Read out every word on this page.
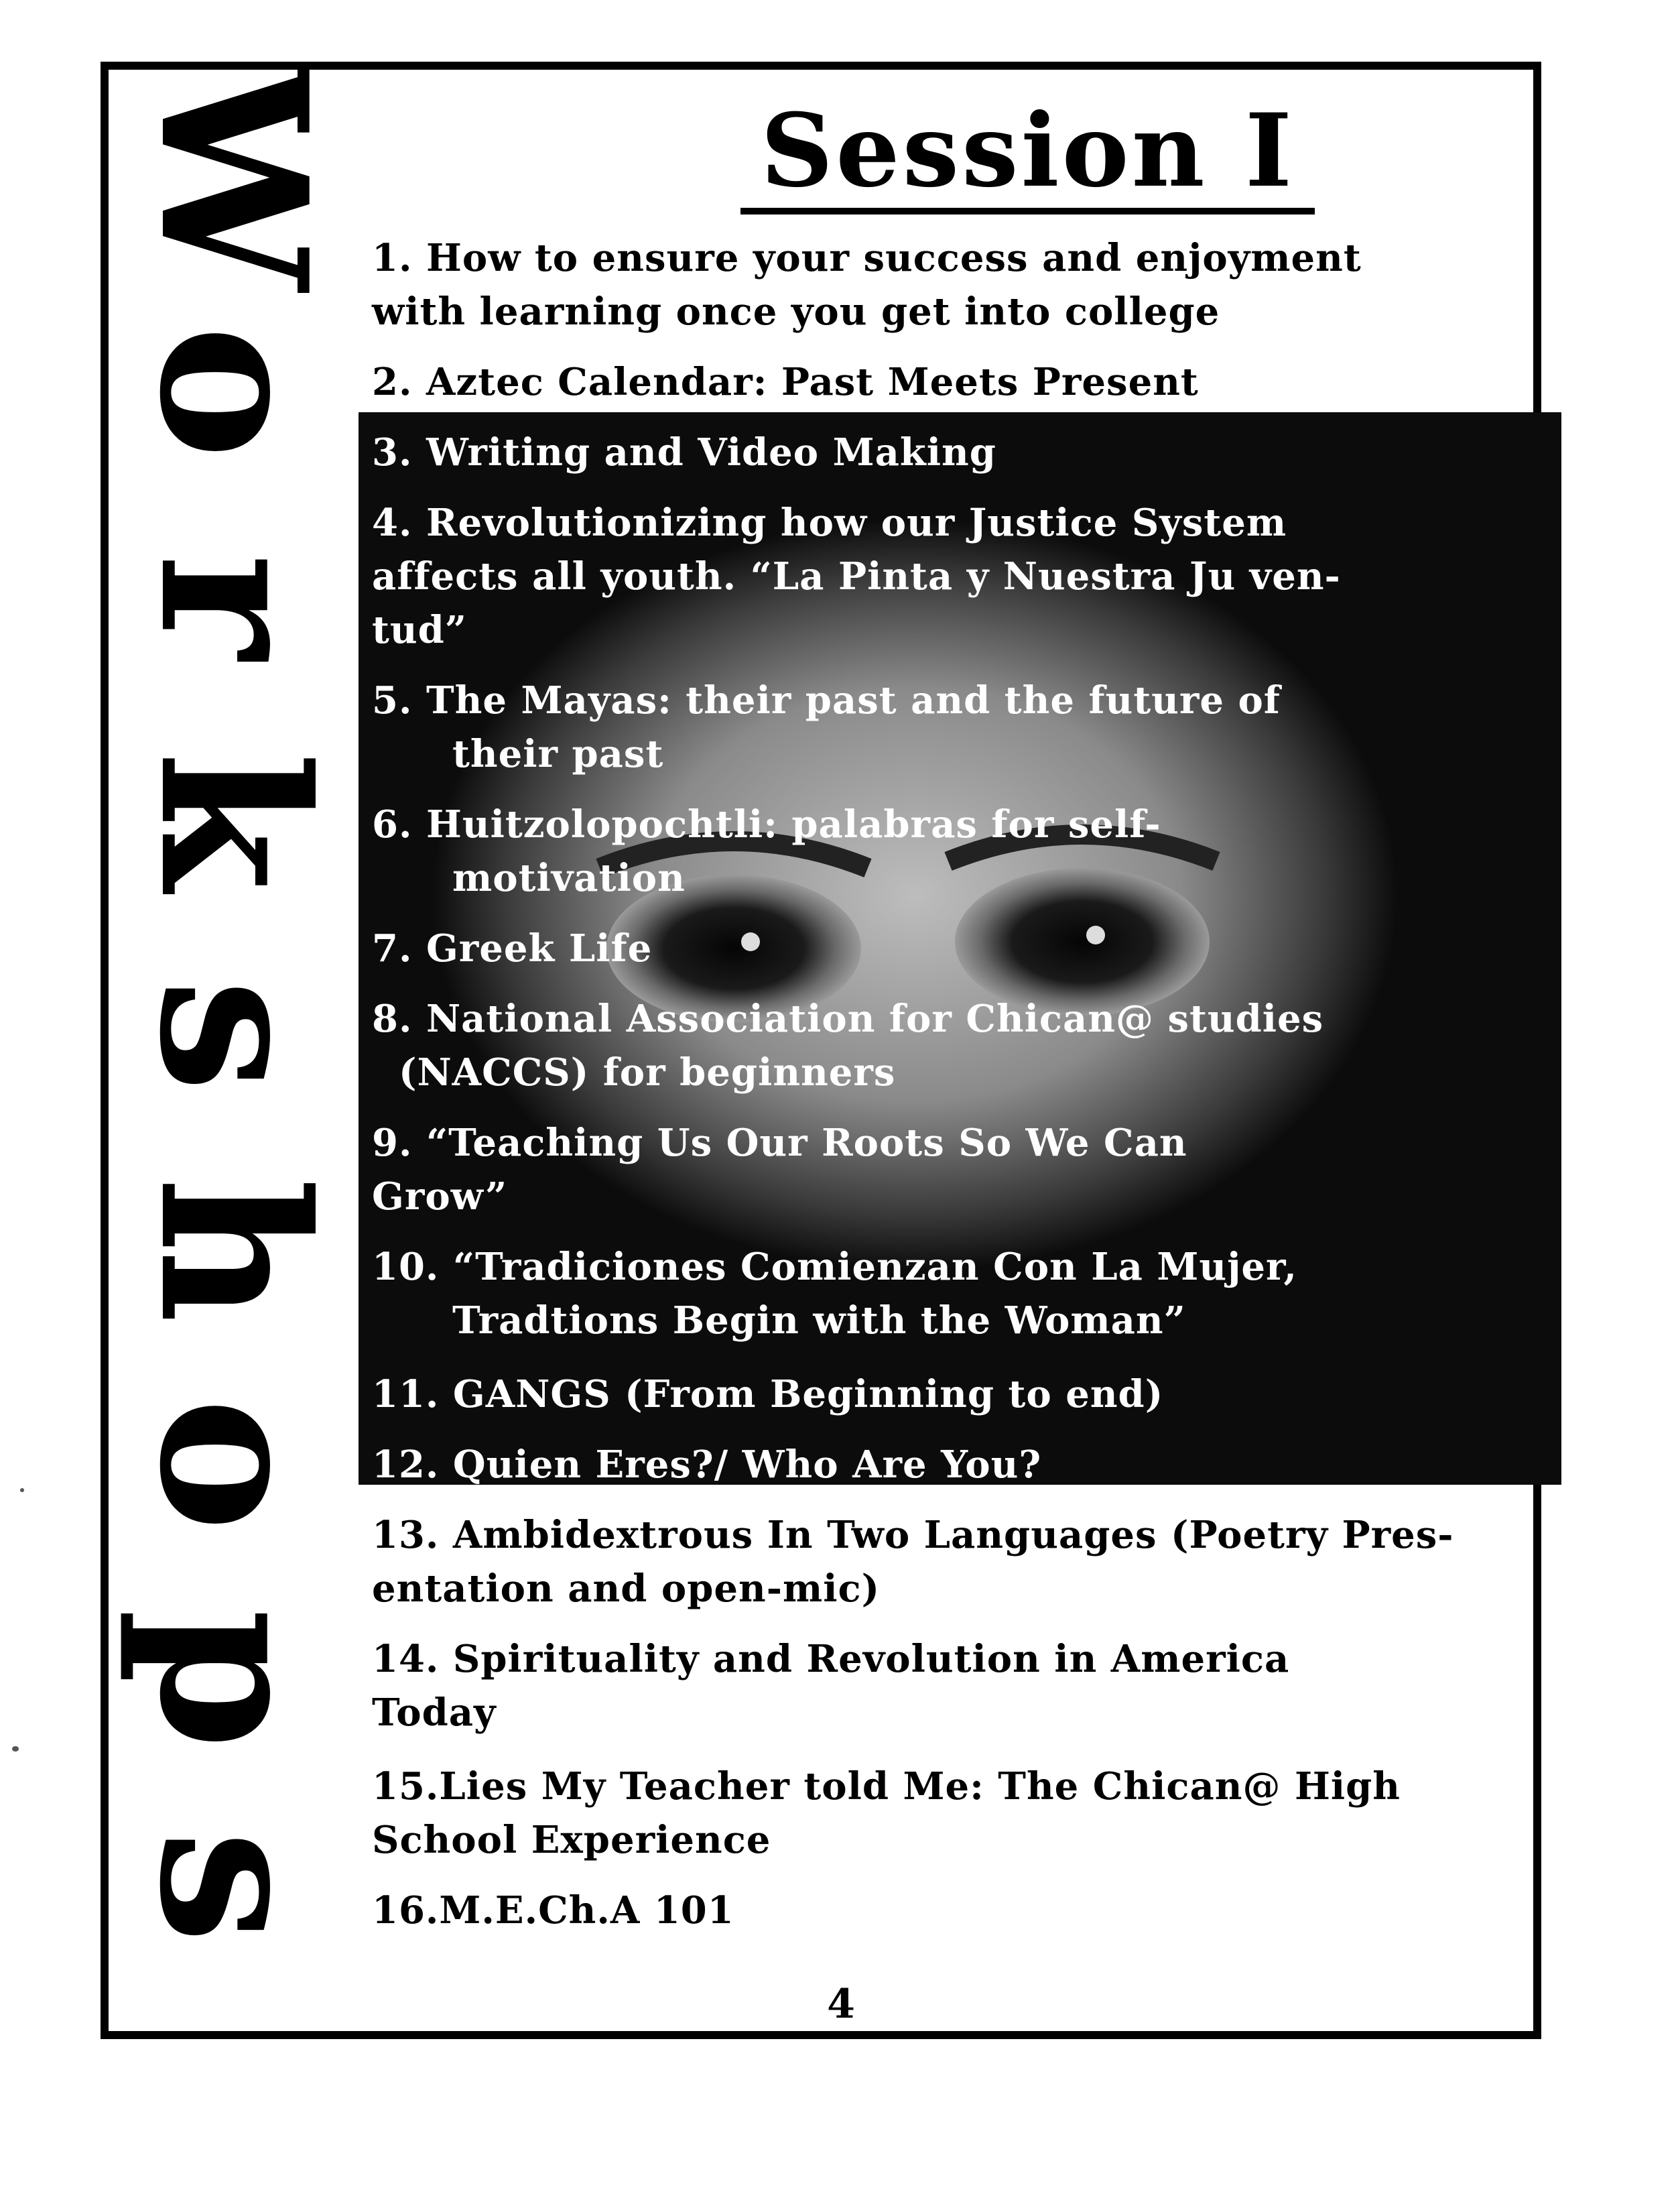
W
o
r
k
s
h
o
p
s
Session I
1. How to ensure your success and enjoyment
with learning once you get into college
2. Aztec Calendar: Past Meets Present
3. Writing and Video Making
4. Revolutionizing how our Justice System
affects all youth. “La Pinta y Nuestra Ju ven-
tud”
5. The Mayas: their past and the future of
their past
6. Huitzolopochtli: palabras for self-
motivation
7. Greek Life
8. National Association for Chican@ studies
(NACCS) for beginners
9. “Teaching Us Our Roots So We Can
Grow”
10. “Tradiciones Comienzan Con La Mujer,
Tradtions Begin with the Woman”
11. GANGS (From Beginning to end)
12. Quien Eres?/ Who Are You?
13. Ambidextrous In Two Languages (Poetry Pres-
entation and open-mic)
14. Spirituality and Revolution in America
Today
15.Lies My Teacher told Me: The Chican@ High
School Experience
16.M.E.Ch.A 101
4
